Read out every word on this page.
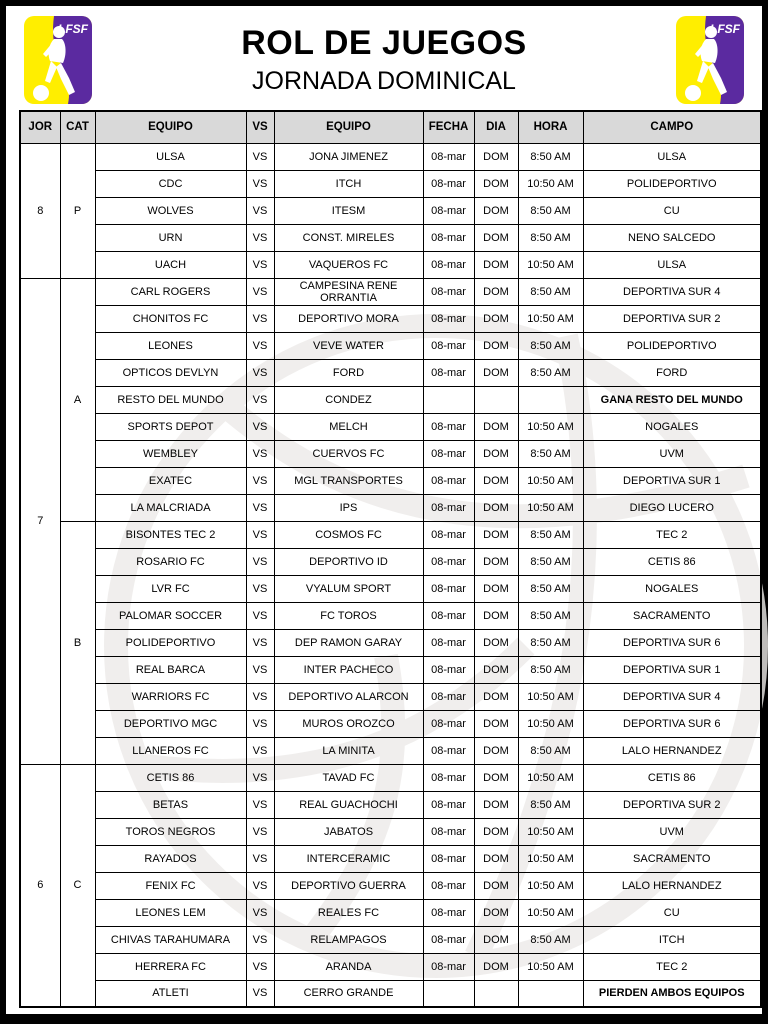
LFSF	ROL DE JUEGOS
JORNADA DOMINICAL
LFSF
JOR	CAT	EQUIPO	VS	EQUIPO	FECHA	DIA	HORA	CAMPO
8	P	ULSA	VS	JONA JIMENEZ	08-mar	DOM	8:50 AM	ULSA
		CDC	VS	ITCH	08-mar	DOM	10:50 AM	POLIDEPORTIVO
		WOLVES	VS	ITESM	08-mar	DOM	8:50 AM	CU
		URN	VS	CONST. MIRELES	08-mar	DOM	8:50 AM	NENO SALCEDO
		UACH	VS	VAQUEROS FC	08-mar	DOM	10:50 AM	ULSA
7	A	CARL ROGERS	VS	CAMPESINA RENE ORRANTIA	08-mar	DOM	8:50 AM	DEPORTIVA SUR 4
		CHONITOS FC	VS	DEPORTIVO MORA	08-mar	DOM	10:50 AM	DEPORTIVA SUR 2
		LEONES	VS	VEVE WATER	08-mar	DOM	8:50 AM	POLIDEPORTIVO
		OPTICOS DEVLYN	VS	FORD	08-mar	DOM	8:50 AM	FORD
		RESTO DEL MUNDO	VS	CONDEZ				GANA RESTO DEL MUNDO
		SPORTS DEPOT	VS	MELCH	08-mar	DOM	10:50 AM	NOGALES
		WEMBLEY	VS	CUERVOS FC	08-mar	DOM	8:50 AM	UVM
		EXATEC	VS	MGL TRANSPORTES	08-mar	DOM	10:50 AM	DEPORTIVA SUR 1
		LA MALCRIADA	VS	IPS	08-mar	DOM	10:50 AM	DIEGO LUCERO
	B	BISONTES TEC 2	VS	COSMOS FC	08-mar	DOM	8:50 AM	TEC 2
		ROSARIO FC	VS	DEPORTIVO ID	08-mar	DOM	8:50 AM	CETIS 86
		LVR FC	VS	VYALUM SPORT	08-mar	DOM	8:50 AM	NOGALES
		PALOMAR SOCCER	VS	FC TOROS	08-mar	DOM	8:50 AM	SACRAMENTO
		POLIDEPORTIVO	VS	DEP RAMON GARAY	08-mar	DOM	8:50 AM	DEPORTIVA SUR 6
		REAL BARCA	VS	INTER PACHECO	08-mar	DOM	8:50 AM	DEPORTIVA SUR 1
		WARRIORS FC	VS	DEPORTIVO ALARCON	08-mar	DOM	10:50 AM	DEPORTIVA SUR 4
		DEPORTIVO MGC	VS	MUROS OROZCO	08-mar	DOM	10:50 AM	DEPORTIVA SUR 6
		LLANEROS FC	VS	LA MINITA	08-mar	DOM	8:50 AM	LALO HERNANDEZ
6	C	CETIS 86	VS	TAVAD FC	08-mar	DOM	10:50 AM	CETIS 86
		BETAS	VS	REAL GUACHOCHI	08-mar	DOM	8:50 AM	DEPORTIVA SUR 2
		TOROS NEGROS	VS	JABATOS	08-mar	DOM	10:50 AM	UVM
		RAYADOS	VS	INTERCERAMIC	08-mar	DOM	10:50 AM	SACRAMENTO
		FENIX FC	VS	DEPORTIVO GUERRA	08-mar	DOM	10:50 AM	LALO HERNANDEZ
		LEONES LEM	VS	REALES FC	08-mar	DOM	10:50 AM	CU
		CHIVAS TARAHUMARA	VS	RELAMPAGOS	08-mar	DOM	8:50 AM	ITCH
		HERRERA FC	VS	ARANDA	08-mar	DOM	10:50 AM	TEC 2
		ATLETI	VS	CERRO GRANDE				PIERDEN AMBOS EQUIPOS
